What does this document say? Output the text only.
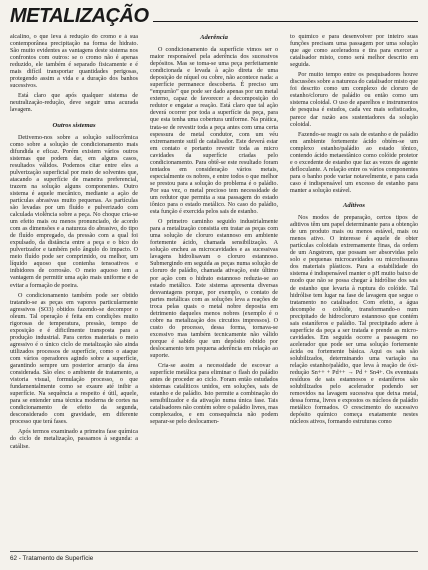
METALIZAÇÃO

alcalino, o que leva à redução do cromo e à sua contemporânea precipitação na forma de hidrato. São muito evidentes as vantagens deste sistema nos confrontos com outros: se o cromo não é apenas reduzido, ele também é separado fisicamente e é mais difícil transportar quantidades perigosas, protegendo assim a vida e a duração dos banhos sucessivos.

Está claro que após qualquer sistema de neutralização-redução, deve seguir uma acurada lavagem.

Outros sistemas

Detivemo-nos sobre a solução sulfocrômica como sobre a solução de condicionamento mais difundida e eficaz. Porém existem vários outros sistemas que podem dar, em alguns casos, resultados válidos. Podemos citar entre eles a pulverização superficial por meio de solventes que, atacando a superfície de maneira preferencial, trazem na solução alguns componentes. Outro sistema é aquele mecânico, mediante a ação de partículas abrasivas muito pequenas. As partículas são levadas por um fluído e pulverizado com calculada violência sobre a peça. No choque cria-se um efeito mais ou menos pronunciado, de acordo com as dimensões e a natureza do abrasivo, do tipo de fluído empregado, da pressão com a qual foi expulsado, da distância entre a peça e o bico do pulverizador e também pelo ângulo do impacto. O meio fluído pode ser comprimido, ou melhor, um líquido aquoso que contenha tensoativos e inibidores de corrosão. O meio aquoso tem a vantagem de permitir uma ação mais uniforme e de evitar a formação de poeira.

O condicionamento também pode ser obtido tratando-se as peças em vapores particularmente agressivos (SO3) obtidos fazendo-se decompor o oleum. Tal operação é feita em condições muito rigorosas de temperatura, pressão, tempo de exposição e é dificilmente transposta para a produção industrial. Para certos materiais o meio agressivo é o único ciclo de metalização são ainda utilizados processos de superfície, como o ataque com vários operadores agindo sobre a superfície, garantindo sempre um posterior arranjo da área considerada. São eles: o ambiente de tratamento, a vistoria visual, formulação processo, o que fundamentalmente como se exaure até inibir a superfície. Na sequência a respeito é útil, aquele, para se entender uma técnica moderna de cortes na condicionamento de efeito da segunda, desconsiderado com gravidade, em diferente processo que terá fases.

Após termos examinado a primeira fase química do ciclo de metalização, passamos à segunda: a catálise.

Aderência

O condicionamento da superfície vimos ser o maior responsável pela aderência dos sucessivos depósitos. Mas se toma-se uma peça perfeitamente condicionada e levada à ação direta de uma deposição de níquel ou cobre, não acontece nada: a superfície permanece descoberta. É preciso um “empurrão” que pode ser dado apenas por um metal externo, capaz de favorecer a decomposição do redutor e engatar a reação. Está claro que tal ação deverá ocorrer por toda a superfície da peça, para que esta tenha uma cobertura uniforme. Na prática, trata-se de revestir toda a peça antes com uma certa espessura de metal condutor, com um véu extremamente sutil de catalisador. Este deverá estar em contato e portanto revestir toda as micro cavidades da superfície criadas pelo condicionamento. Para obtê-se este resultado foram tentados em consideração vários metais, especialmente os nobres, e entre todos o que melhor se prestou para a solução do problema é o paládio. Por sua vez, o metal precioso tem necessidade de um redutor que permita a sua passagem do estado iônico para o estado metálico. No caso do paládio, esta função é exercida pelos sais de estanho.

O primeiro caminho seguido industrialmente para a metalização consistia em tratar as peças com uma solução de cloruro estannoso em ambiente fortemente ácido, chamada sensibilização. A solução encheu as microcavidades e as sucessivas lavagens hidrolisavam o cloruro estannoso. Submergindo em seguida as peças numa solução de cloruro de paládio, chamada ativação, este último por ação com o hidrato estannoso reduzia-se ao estado metálico. Este sistema apresenta diversas desvantagens porque, por exemplo, o contato de partes metálicas com as soluções leva a reações de troca pelas quais o metal nobre deposita em detrimento daqueles menos nobres (exemplo é o cobre na metalização dos circuitos impressos). O custo do processo, dessa forma, tornava-se excessivo mas também tecnicamente não válido porque é sabido que um depósito obtido por deslocamento tem pequena aderência em relação ao suporte.

Cria-se assim a necessidade de escovar a superfície metálica para eliminar o flash do paládio antes de proceder ao ciclo. Foram então estudados sistemas catalíticos unidos, em soluções, sais de estanho e de paládio. Isto permite a combinação do sensibilizador e da ativação numa única fase. Tais catalisadores não contém sobre o paládio livres, mas complexados, e em consequência não podem separar-se pelo deslocamen-

to químico e para desenvolver por inteiro suas funções precisam uma passagem por uma solução que age como aceleradora e tira para exercer a catalisador misto, como será melhor descrito em seguida.

Por muito tempo entre os pesquisadores houve discussões sobre a natureza do catalisador misto que foi descrito como um complexo de cloruro de estanho/cloruro de paládio ou então como um sistema coloidal. O uso de aparelhos e instrumentos de pesquisa é estudos, cada vez mais sofisticados, parece dar razão aos sustentadores da solução coloidal.

Fazendo-se reagir os sais de estanho e de paládio em ambiente fortemente ácido obtém-se um complexo estanho/paládio ao estado iônico, contendo ácido metaestânico como colóide protetor e o excedente de estanho que faz as vezes de agente defloculante. A relação entre os vários componentes para o banho pode variar notavelmente, e para cada caso é indispensável um excesso de estanho para manter a solução estável.

Aditivos

Nos modos de preparação, certos tipos de aditivos têm um papel determinante para a obtenção de um produto mais ou menos estável, mais ou menos ativo. O interesse é aquele de obter partículas coloidais extremamente finas, da ordem de um Angstrom, que possam ser absorvidas pelo solo e pequenas microcavidades ou microfissuras dos materiais plásticos. Para a estabilidade do sistema é indispensável manter o pH muito baixo de modo que não se possa chegar à hidrólise dos sais de estanho que levaria à ruptura do colóide. Tal hidrólise tem lugar na fase de lavagem que segue o tratamento no catalisador. Com efeito, a água decompõe o colóide, transformando-o num precipitado de hidrocloruro estannoso que contém sais estaníferos e paládio. Tal precipitado adere à superfície da peça a ser tratada e prende as micro-cavidades. Em seguida ocorre a passagem no acelerador que pode ser uma solução fortemente ácida ou fortemente básica. Aqui os sais são solubilizados, determinando uma variação na relação estanho/paládio, que leva à reação de óxi-redução Sn++ + Pd++ → Pd + Sn4+. Os eventuais resíduos de sais estannosos e estaníferos são solubilizados pelo acelerador podendo ser removidos na lavagem sucessiva que deixa metal, dessa forma, livres e expostos os núcleos de paládio metálico formados. O crescimento do sucessivo depósito químico começa exatamente nestes núcleos ativos, formando estruturas como

62 - Tratamento de Superfície
